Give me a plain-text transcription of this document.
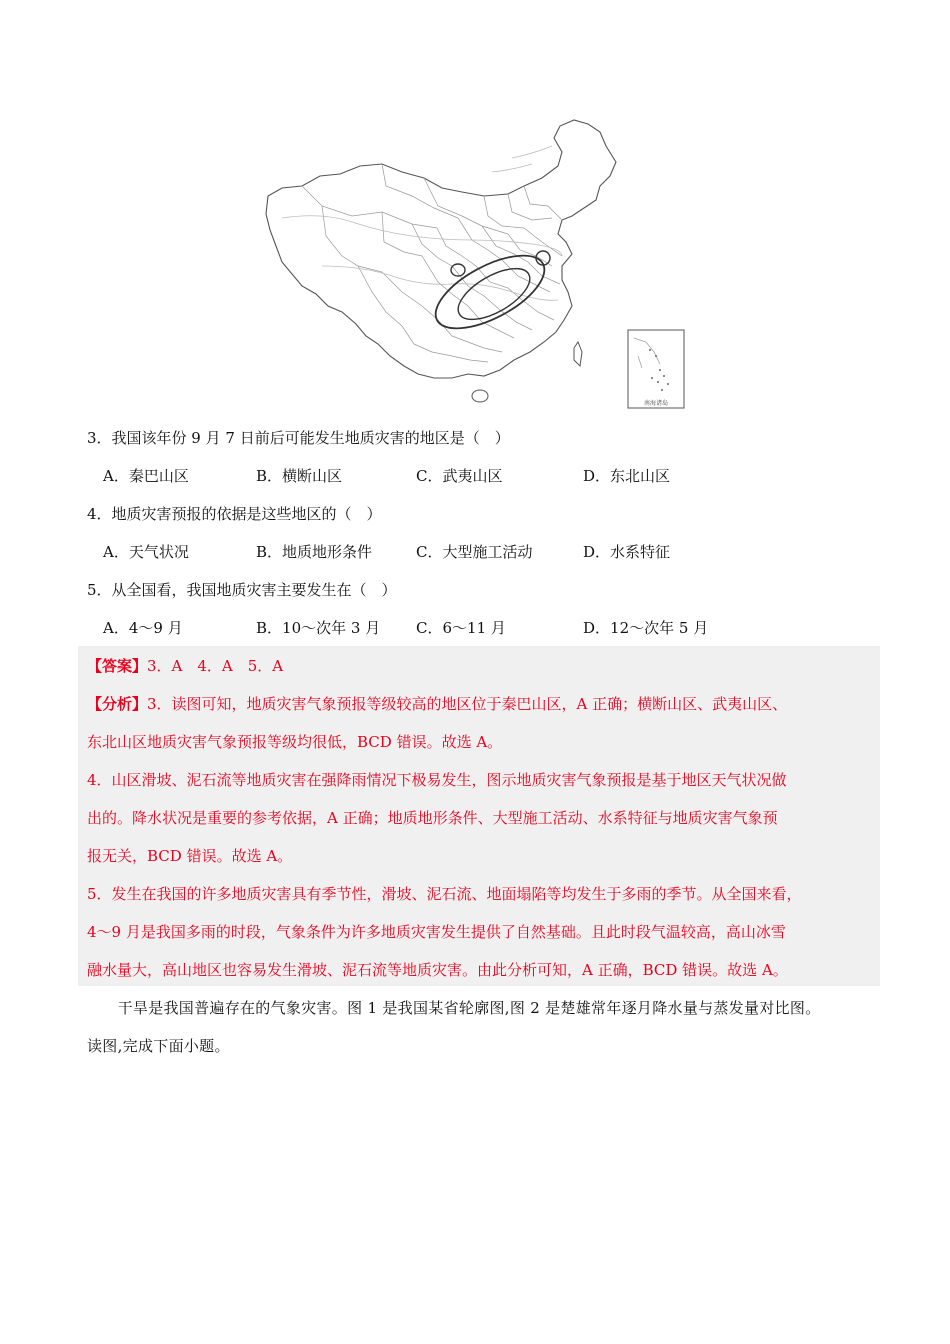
南海诸岛
3．我国该年份 9 月 7 日前后可能发生地质灾害的地区是（　）
A．秦巴山区	B．横断山区	C．武夷山区	D．东北山区
4．地质灾害预报的依据是这些地区的（　）
A．天气状况	B．地质地形条件	C．大型施工活动	D．水系特征
5．从全国看，我国地质灾害主要发生在（　）
A．4～9 月	B．10～次年 3 月 C．6～11 月	D．12～次年 5 月
【答案】3．A　4．A　5．A
【分析】3．读图可知，地质灾害气象预报等级较高的地区位于秦巴山区，A 正确；横断山区、武夷山区、
东北山区地质灾害气象预报等级均很低，BCD 错误。故选 A。
4．山区滑坡、泥石流等地质灾害在强降雨情况下极易发生，图示地质灾害气象预报是基于地区天气状况做
出的。降水状况是重要的参考依据，A 正确；地质地形条件、大型施工活动、水系特征与地质灾害气象预
报无关，BCD 错误。故选 A。
5．发生在我国的许多地质灾害具有季节性，滑坡、泥石流、地面塌陷等均发生于多雨的季节。从全国来看，
4～9 月是我国多雨的时段，气象条件为许多地质灾害发生提供了自然基础。且此时段气温较高，高山冰雪
融水量大，高山地区也容易发生滑坡、泥石流等地质灾害。由此分析可知，A 正确，BCD 错误。故选 A。
　　干旱是我国普遍存在的气象灾害。图 1 是我国某省轮廓图,图 2 是楚雄常年逐月降水量与蒸发量对比图。
读图,完成下面小题。
